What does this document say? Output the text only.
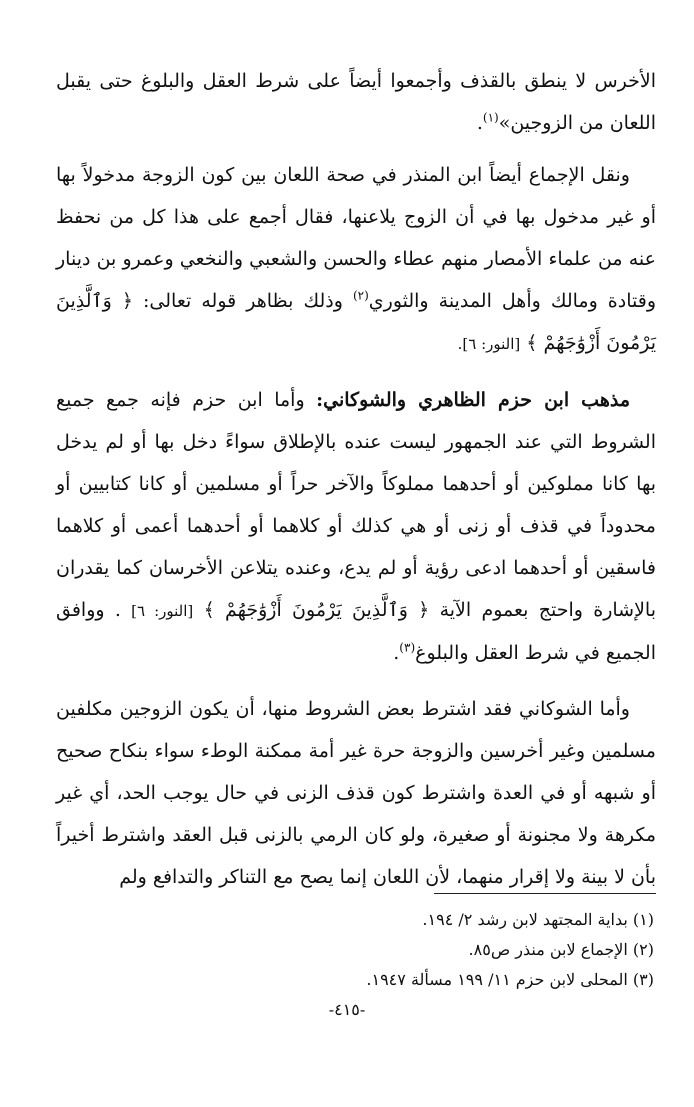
الأخرس لا ينطق بالقذف وأجمعوا أيضاً على شرط العقل والبلوغ حتى يقبل اللعان من الزوجين»$^{(١)}$.

ونقل الإجماع أيضاً ابن المنذر في صحة اللعان بين كون الزوجة مدخولاً بها أو غير مدخول بها في أن الزوج يلاعنها، فقال أجمع على هذا كل من نحفظ عنه من علماء الأمصار منهم عطاء والحسن والشعبي والنخعي وعمرو بن دينار وقتادة ومالك وأهل المدينة والثوري$^{(٢)}$ وذلك بظاهر قوله تعالى: ﴿ وَٱلَّذِينَ يَرْمُونَ أَزْوَٰجَهُمْ ﴾ [النور: ٦].

مذهب ابن حزم الظاهري والشوكاني: وأما ابن حزم فإنه جمع جميع الشروط التي عند الجمهور ليست عنده بالإطلاق سواءً دخل بها أو لم يدخل بها كانا مملوكين أو أحدهما مملوكاً والآخر حراً أو مسلمين أو كانا كتابيين أو محدوداً في قذف أو زنى أو هي كذلك أو كلاهما أو أحدهما أعمى أو كلاهما فاسقين أو أحدهما ادعى رؤية أو لم يدع، وعنده يتلاعن الأخرسان كما يقدران بالإشارة واحتج بعموم الآية ﴿ وَٱلَّذِينَ يَرْمُونَ أَزْوَٰجَهُمْ ﴾ [النور: ٦] . ووافق الجميع في شرط العقل والبلوغ$^{(٣)}$.

وأما الشوكاني فقد اشترط بعض الشروط منها، أن يكون الزوجين مكلفين مسلمين وغير أخرسين والزوجة حرة غير أمة ممكنة الوطء سواء بنكاح صحيح أو شبهه أو في العدة واشترط كون قذف الزنى في حال يوجب الحد، أي غير مكرهة ولا مجنونة أو صغيرة، ولو كان الرمي بالزنى قبل العقد واشترط أخيراً بأن لا بينة ولا إقرار منهما، لأن اللعان إنما يصح مع التناكر والتدافع ولم

(١) بداية المجتهد لابن رشد ٢/ ١٩٤.

(٢) الإجماع لابن منذر ص٨٥.

(٣) المحلى لابن حزم ١١/ ١٩٩ مسألة ١٩٤٧.

-٤١٥-
